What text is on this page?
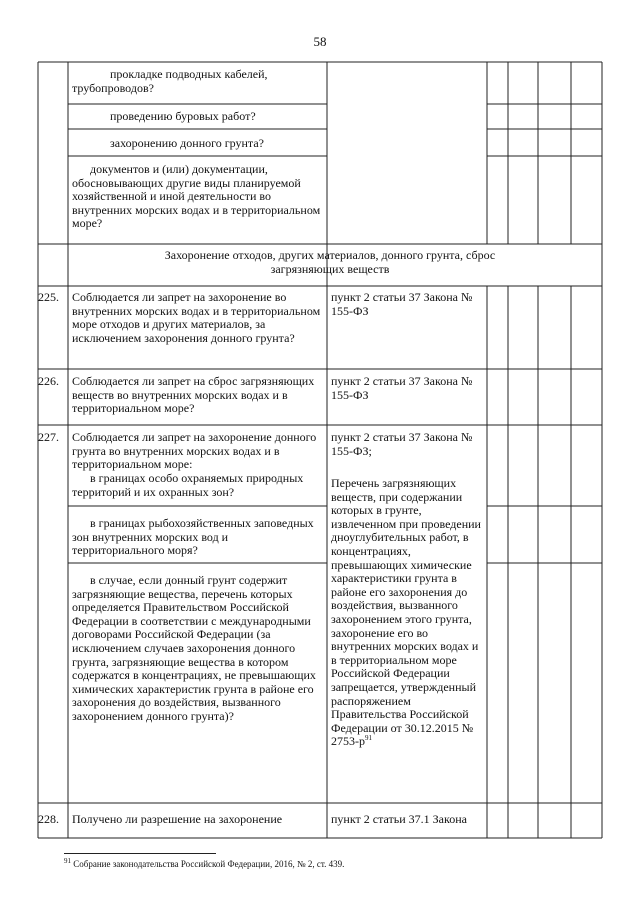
58
прокладке подводных кабелей, трубопроводов?
проведению буровых работ?
захоронению донного грунта?
документов и (или) документации, обосновывающих другие виды планируемой хозяйственной и иной деятельности во внутренних морских водах и в территориальном море?
Захоронение отходов, других материалов, донного грунта, сброс загрязняющих веществ
225. Соблюдается ли запрет на захоронение во внутренних морских водах и в территориальном море отходов и других материалов, за исключением захоронения донного грунта?
пункт 2 статьи 37 Закона № 155-ФЗ
226. Соблюдается ли запрет на сброс загрязняющих веществ во внутренних морских водах и в территориальном море?
пункт 2 статьи 37 Закона № 155-ФЗ
227. Соблюдается ли запрет на захоронение донного грунта во внутренних морских водах и в территориальном море:
в границах особо охраняемых природных территорий и их охранных зон?
в границах рыбохозяйственных заповедных зон внутренних морских вод и территориального моря?
в случае, если донный грунт содержит загрязняющие вещества, перечень которых определяется Правительством Российской Федерации в соответствии с международными договорами Российской Федерации (за исключением случаев захоронения донного грунта, загрязняющие вещества в котором содержатся в концентрациях, не превышающих химических характеристик грунта в районе его захоронения до воздействия, вызванного захоронением донного грунта)?
пункт 2 статьи 37 Закона № 155-ФЗ;
Перечень загрязняющих веществ, при содержании которых в грунте, извлеченном при проведении дноуглубительных работ, в концентрациях, превышающих химические характеристики грунта в районе его захоронения до воздействия, вызванного захоронением этого грунта, захоронение его во внутренних морских водах и в территориальном море Российской Федерации запрещается, утвержденный распоряжением Правительства Российской Федерации от 30.12.2015 № $2753-р^{91}$
228. Получено ли разрешение на захоронение	пункт 2 статьи 37.1 Закона
$^{91}$ Собрание законодательства Российской Федерации, 2016, № 2, ст. 439.
